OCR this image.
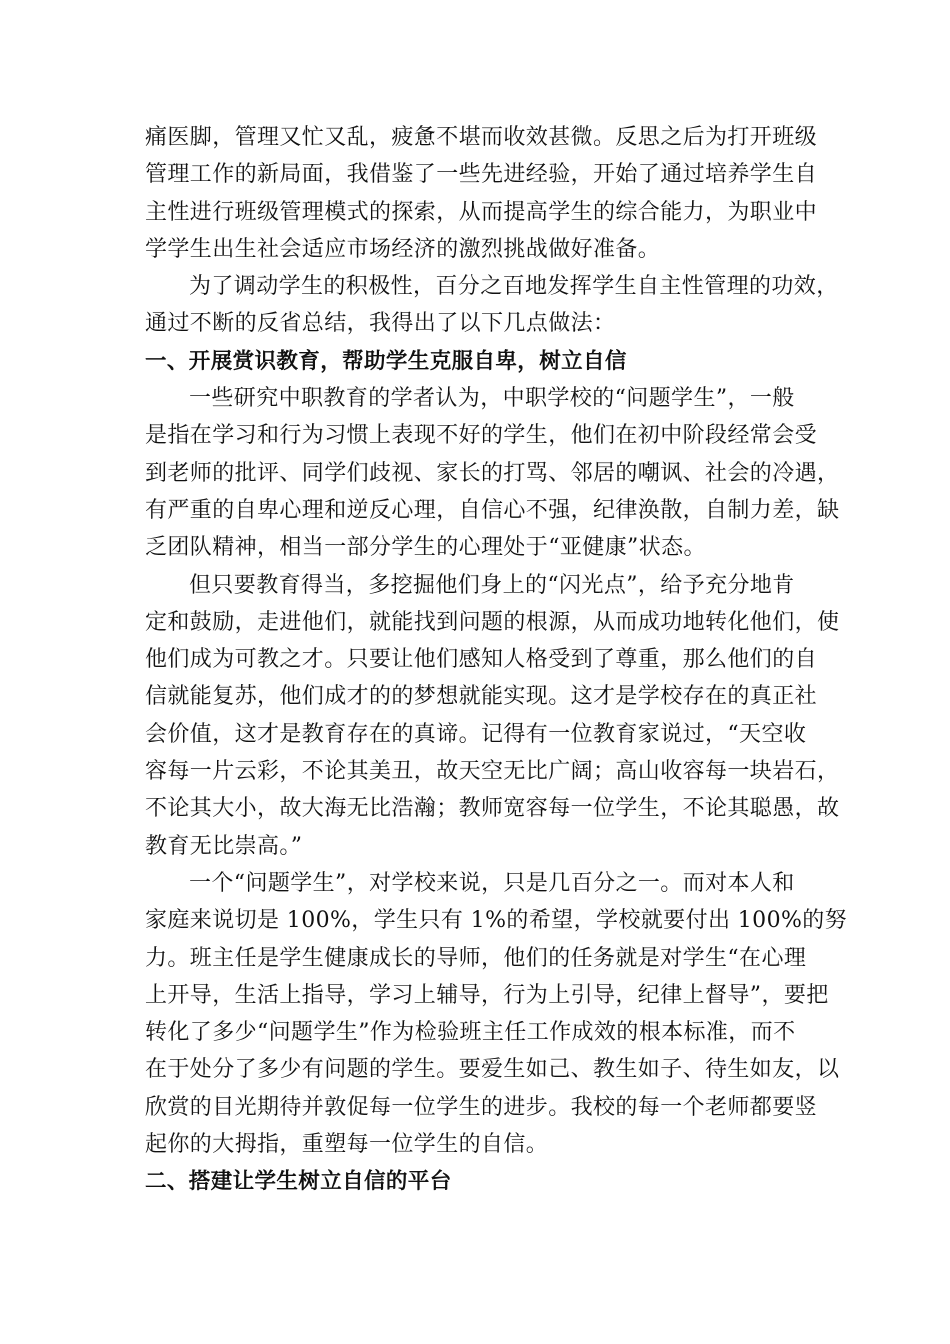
痛医脚，管理又忙又乱，疲惫不堪而收效甚微。反思之后为打开班级
管理工作的新局面，我借鉴了一些先进经验，开始了通过培养学生自
主性进行班级管理模式的探索，从而提高学生的综合能力，为职业中
学学生出生社会适应市场经济的激烈挑战做好准备。
为了调动学生的积极性，百分之百地发挥学生自主性管理的功效，
通过不断的反省总结，我得出了以下几点做法：
一、开展赏识教育，帮助学生克服自卑，树立自信
一些研究中职教育的学者认为，中职学校的“问题学生”，一般
是指在学习和行为习惯上表现不好的学生，他们在初中阶段经常会受
到老师的批评、同学们歧视、家长的打骂、邻居的嘲讽、社会的冷遇，
有严重的自卑心理和逆反心理，自信心不强，纪律涣散，自制力差，缺
乏团队精神，相当一部分学生的心理处于“亚健康”状态。
但只要教育得当，多挖掘他们身上的“闪光点”，给予充分地肯
定和鼓励，走进他们，就能找到问题的根源，从而成功地转化他们，使
他们成为可教之才。只要让他们感知人格受到了尊重，那么他们的自
信就能复苏，他们成才的的梦想就能实现。这才是学校存在的真正社
会价值，这才是教育存在的真谛。记得有一位教育家说过，“天空收
容每一片云彩，不论其美丑，故天空无比广阔；高山收容每一块岩石，
不论其大小，故大海无比浩瀚；教师宽容每一位学生，不论其聪愚，故
教育无比崇高。”
一个“问题学生”，对学校来说，只是几百分之一。而对本人和
家庭来说切是 100%，学生只有 1%的希望，学校就要付出 100%的努
力。班主任是学生健康成长的导师，他们的任务就是对学生“在心理
上开导，生活上指导，学习上辅导，行为上引导，纪律上督导”，要把
转化了多少“问题学生”作为检验班主任工作成效的根本标准，而不
在于处分了多少有问题的学生。要爱生如己、教生如子、待生如友，以
欣赏的目光期待并敦促每一位学生的进步。我校的每一个老师都要竖
起你的大拇指，重塑每一位学生的自信。
二、搭建让学生树立自信的平台
